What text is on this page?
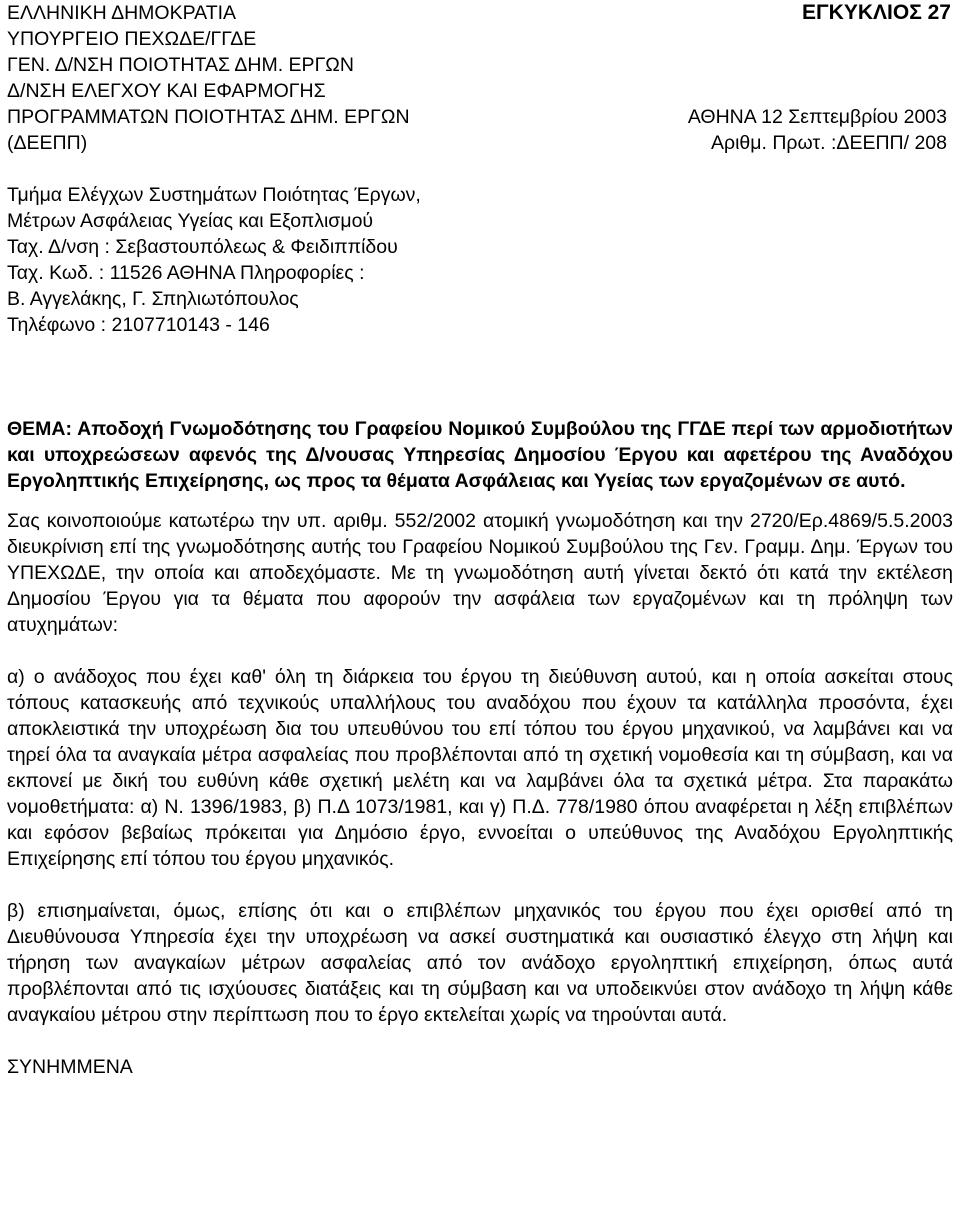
ΕΛΛΗΝΙΚΗ ΔΗΜΟΚΡΑΤΙΑ
ΥΠΟΥΡΓΕΙΟ ΠΕΧΩΔΕ/ΓΓΔΕ
ΓΕΝ. Δ/ΝΣΗ ΠΟΙΟΤΗΤΑΣ ΔΗΜ. ΕΡΓΩΝ
Δ/ΝΣΗ ΕΛΕΓΧΟΥ ΚΑΙ ΕΦΑΡΜΟΓΗΣ
ΠΡΟΓΡΑΜΜΑΤΩΝ ΠΟΙΟΤΗΤΑΣ ΔΗΜ. ΕΡΓΩΝ
(ΔΕΕΠΠ)
ΕΓΚΥΚΛΙΟΣ 27
ΑΘΗΝΑ 12 Σεπτεμβρίου 2003
Αριθμ. Πρωτ. :ΔΕΕΠΠ/ 208
Τμήμα Ελέγχων Συστημάτων Ποιότητας Έργων,
Μέτρων Ασφάλειας Υγείας και Εξοπλισμού
Ταχ. Δ/νση : Σεβαστουπόλεως & Φειδιππίδου
Ταχ. Κωδ. : 11526 ΑΘΗΝΑ Πληροφορίες :
Β. Αγγελάκης, Γ. Σπηλιωτόπουλος
Τηλέφωνο : 2107710143 - 146
ΘΕΜΑ: Αποδοχή Γνωμοδότησης του Γραφείου Νομικού Συμβούλου της ΓΓΔΕ περί των αρμοδιοτήτων και υποχρεώσεων αφενός της Δ/νουσας Υπηρεσίας Δημοσίου Έργου και αφετέρου της Αναδόχου Εργοληπτικής Επιχείρησης, ως προς τα θέματα Ασφάλειας και Υγείας των εργαζομένων σε αυτό.

Σας κοινοποιούμε κατωτέρω την υπ. αριθμ. 552/2002 ατομική γνωμοδότηση και την 2720/Ερ.4869/5.5.2003 διευκρίνιση επί της γνωμοδότησης αυτής του Γραφείου Νομικού Συμβούλου της Γεν. Γραμμ. Δημ. Έργων του ΥΠΕΧΩΔΕ, την οποία και αποδεχόμαστε. Με τη γνωμοδότηση αυτή γίνεται δεκτό ότι κατά την εκτέλεση Δημοσίου Έργου για τα θέματα που αφορούν την ασφάλεια των εργαζομένων και τη πρόληψη των ατυχημάτων:

α) ο ανάδοχος που έχει καθ' όλη τη διάρκεια του έργου τη διεύθυνση αυτού, και η οποία ασκείται στους τόπους κατασκευής από τεχνικούς υπαλλήλους του αναδόχου που έχουν τα κατάλληλα προσόντα, έχει αποκλειστικά την υποχρέωση δια του υπευθύνου του επί τόπου του έργου μηχανικού, να λαμβάνει και να τηρεί όλα τα αναγκαία μέτρα ασφαλείας που προβλέπονται από τη σχετική νομοθεσία και τη σύμβαση, και να εκπονεί με δική του ευθύνη κάθε σχετική μελέτη και να λαμβάνει όλα τα σχετικά μέτρα. Στα παρακάτω νομοθετήματα: α) Ν. 1396/1983, β) Π.Δ 1073/1981, και γ) Π.Δ. 778/1980 όπου αναφέρεται η λέξη επιβλέπων και εφόσον βεβαίως πρόκειται για Δημόσιο έργο, εννοείται ο υπεύθυνος της Αναδόχου Εργοληπτικής Επιχείρησης επί τόπου του έργου μηχανικός.

β) επισημαίνεται, όμως, επίσης ότι και ο επιβλέπων μηχανικός του έργου που έχει ορισθεί από τη Διευθύνουσα Υπηρεσία έχει την υποχρέωση να ασκεί συστηματικά και ουσιαστικό έλεγχο στη λήψη και τήρηση των αναγκαίων μέτρων ασφαλείας από τον ανάδοχο εργοληπτική επιχείρηση, όπως αυτά προβλέπονται από τις ισχύουσες διατάξεις και τη σύμβαση και να υποδεικνύει στον ανάδοχο τη λήψη κάθε αναγκαίου μέτρου στην περίπτωση που το έργο εκτελείται χωρίς να τηρούνται αυτά.

ΣΥΝΗΜΜΕΝΑ
